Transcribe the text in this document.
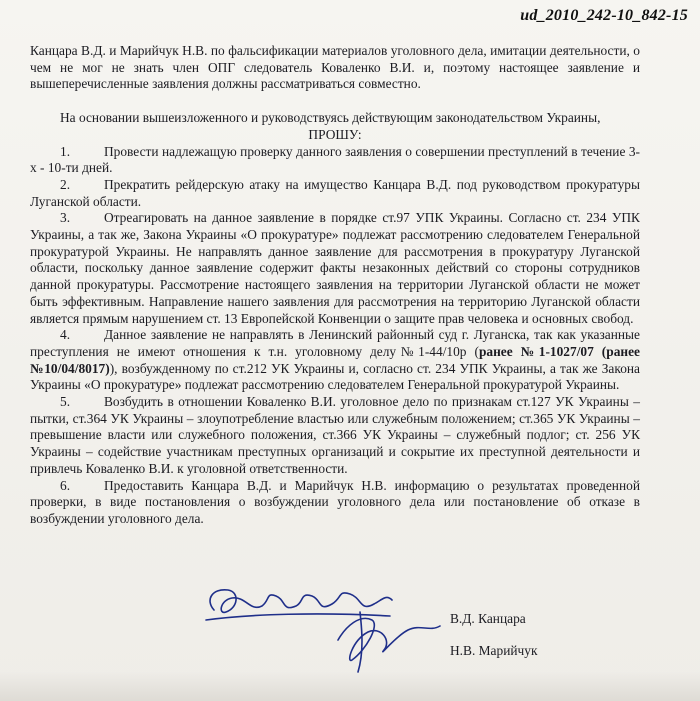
ud_2010_242-10_842-15

Канцара В.Д. и Марийчук Н.В. по фальсификации материалов уголовного дела, имитации деятельности, о чем не мог не знать член ОПГ следователь Коваленко В.И. и, поэтому настоящее заявление и вышеперечисленные заявления должны рассматриваться совместно.

На основании вышеизложенного и руководствуясь действующим законодательством Украины,

ПРОШУ:

1.	Провести надлежащую проверку данного заявления о совершении преступлений в течение 3-х - 10-ти дней.

2.	Прекратить рейдерскую атаку на имущество Канцара В.Д. под руководством прокуратуры Луганской области.

3.	Отреагировать на данное заявление в порядке ст.97 УПК Украины. Согласно ст. 234 УПК Украины, а так же, Закона Украины «О прокуратуре» подлежат рассмотрению следователем Генеральной прокуратурой Украины. Не направлять данное заявление для рассмотрения в прокуратуру Луганской области, поскольку данное заявление содержит факты незаконных действий со стороны сотрудников данной прокуратуры. Рассмотрение настоящего заявления на территории Луганской области не может быть эффективным. Направление нашего заявления для рассмотрения на территорию Луганской области является прямым нарушением ст. 13 Европейской Конвенции о защите прав человека и основных свобод.

4.	Данное заявление не направлять в Ленинский районный суд г. Луганска, так как указанные преступления не имеют отношения к т.н. уголовному делу№1-44/10р (ранее №1-1027/07 (ранее №10/04/8017)), возбужденному по ст.212 УК Украины и, согласно ст. 234 УПК Украины, а так же Закона Украины «О прокуратуре» подлежат рассмотрению следователем Генеральной прокуратурой Украины.

5.	Возбудить в отношении Коваленко В.И. уголовное дело по признакам ст.127 УК Украины – пытки, ст.364 УК Украины – злоупотребление властью или служебным положением; ст.365 УК Украины – превышение власти или служебного положения, ст.366 УК Украины – служебный подлог; ст. 256 УК Украины – содействие участникам преступных организаций и сокрытие их преступной деятельности и привлечь Коваленко В.И. к уголовной ответственности.

6.	Предоставить Канцара В.Д. и Марийчук Н.В. информацию о результатах проведенной проверки, в виде постановления о возбуждении уголовного дела или постановление об отказе в возбуждении уголовного дела.

В.Д. Канцара
Н.В. Марийчук
